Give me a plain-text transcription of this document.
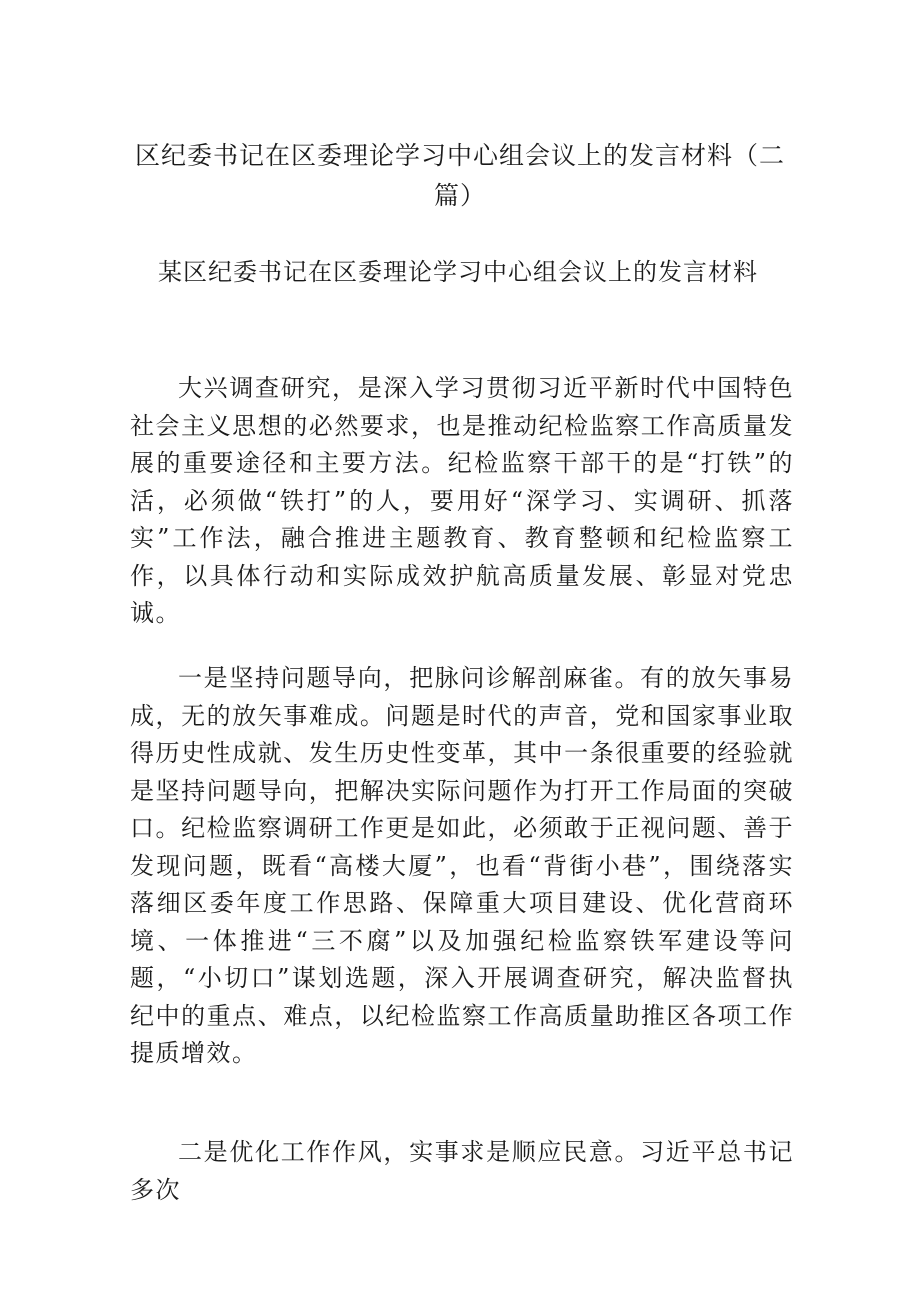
区纪委书记在区委理论学习中心组会议上的发言材料（二
篇）
某区纪委书记在区委理论学习中心组会议上的发言材料
大兴调查研究，是深入学习贯彻习近平新时代中国特色社会主义思想的必然要求，也是推动纪检监察工作高质量发展的重要途径和主要方法。纪检监察干部干的是“打铁”的活，必须做“铁打”的人，要用好“深学习、实调研、抓落实”工作法，融合推进主题教育、教育整顿和纪检监察工作，以具体行动和实际成效护航高质量发展、彰显对党忠诚。
一是坚持问题导向，把脉问诊解剖麻雀。有的放矢事易成，无的放矢事难成。问题是时代的声音，党和国家事业取得历史性成就、发生历史性变革，其中一条很重要的经验就是坚持问题导向，把解决实际问题作为打开工作局面的突破口。纪检监察调研工作更是如此，必须敢于正视问题、善于发现问题，既看“高楼大厦”，也看“背街小巷”，围绕落实落细区委年度工作思路、保障重大项目建设、优化营商环境、一体推进“三不腐”以及加强纪检监察铁军建设等问题，“小切口”谋划选题，深入开展调查研究，解决监督执纪中的重点、难点，以纪检监察工作高质量助推区各项工作提质增效。
二是优化工作作风，实事求是顺应民意。习近平总书记多次
